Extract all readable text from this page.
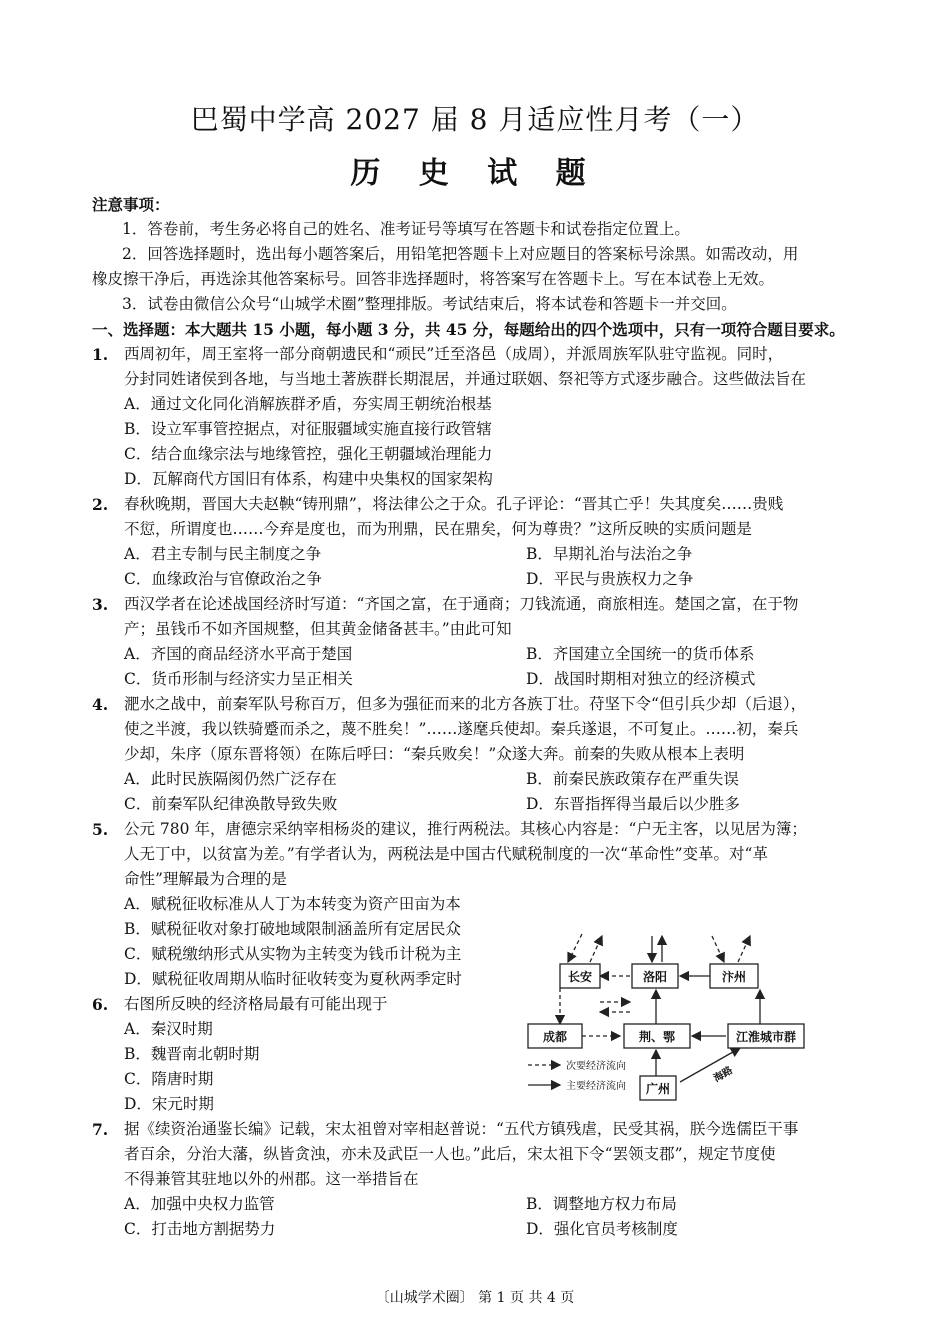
巴蜀中学高 2027 届 8 月适应性月考（一）
历 史 试 题
注意事项：
1．答卷前，考生务必将自己的姓名、准考证号等填写在答题卡和试卷指定位置上。
2．回答选择题时，选出每小题答案后，用铅笔把答题卡上对应题目的答案标号涂黑。如需改动，用
橡皮擦干净后，再选涂其他答案标号。回答非选择题时，将答案写在答题卡上。写在本试卷上无效。
3．试卷由微信公众号“山城学术圈”整理排版。考试结束后，将本试卷和答题卡一并交回。
一、选择题：本大题共 15 小题，每小题 3 分，共 45 分，每题给出的四个选项中，只有一项符合题目要求。
1. 西周初年，周王室将一部分商朝遗民和“顽民”迁至洛邑（成周），并派周族军队驻守监视。同时，
分封同姓诸侯到各地，与当地土著族群长期混居，并通过联姻、祭祀等方式逐步融合。这些做法旨在
A．通过文化同化消解族群矛盾，夯实周王朝统治根基
B．设立军事管控据点，对征服疆域实施直接行政管辖
C．结合血缘宗法与地缘管控，强化王朝疆域治理能力
D．瓦解商代方国旧有体系，构建中央集权的国家架构
2. 春秋晚期，晋国大夫赵鞅“铸刑鼎”，将法律公之于众。孔子评论：“晋其亡乎！失其度矣……贵贱
不愆，所谓度也……今弃是度也，而为刑鼎，民在鼎矣，何为尊贵？”这所反映的实质问题是
A．君主专制与民主制度之争	B．早期礼治与法治之争
C．血缘政治与官僚政治之争	D．平民与贵族权力之争
3. 西汉学者在论述战国经济时写道：“齐国之富，在于通商；刀钱流通，商旅相连。楚国之富，在于物
产；虽钱币不如齐国规整，但其黄金储备甚丰。”由此可知
A．齐国的商品经济水平高于楚国	B．齐国建立全国统一的货币体系
C．货币形制与经济实力呈正相关	D．战国时期相对独立的经济模式
4. 淝水之战中，前秦军队号称百万，但多为强征而来的北方各族丁壮。苻坚下令“但引兵少却（后退），
使之半渡，我以铁骑蹙而杀之，蔑不胜矣！”……遂麾兵使却。秦兵遂退，不可复止。……初，秦兵
少却，朱序（原东晋将领）在陈后呼曰：“秦兵败矣！”众遂大奔。前秦的失败从根本上表明
A．此时民族隔阂仍然广泛存在	B．前秦民族政策存在严重失误
C．前秦军队纪律涣散导致失败	D．东晋指挥得当最后以少胜多
5. 公元 780 年，唐德宗采纳宰相杨炎的建议，推行两税法。其核心内容是：“户无主客，以见居为簿；
人无丁中，以贫富为差。”有学者认为，两税法是中国古代赋税制度的一次“革命性”变革。对“革
命性”理解最为合理的是
A．赋税征收标准从人丁为本转变为资产田亩为本
B．赋税征收对象打破地域限制涵盖所有定居民众
C．赋税缴纳形式从实物为主转变为钱币计税为主
D．赋税征收周期从临时征收转变为夏秋两季定时
6. 右图所反映的经济格局最有可能出现于
A．秦汉时期
B．魏晋南北朝时期
C．隋唐时期
D．宋元时期
长安	洛阳	汴州
成都	荆、鄂	江淮城市群
广州
海路
次要经济流向
主要经济流向
7. 据《续资治通鉴长编》记载，宋太祖曾对宰相赵普说：“五代方镇残虐，民受其祸，朕今选儒臣干事
者百余，分治大藩，纵皆贪浊，亦未及武臣一人也。”此后，宋太祖下令“罢领支郡”，规定节度使
不得兼管其驻地以外的州郡。这一举措旨在
A．加强中央权力监管	B．调整地方权力布局
C．打击地方割据势力	D．强化官员考核制度
〔山城学术圈〕 第 1 页 共 4 页
